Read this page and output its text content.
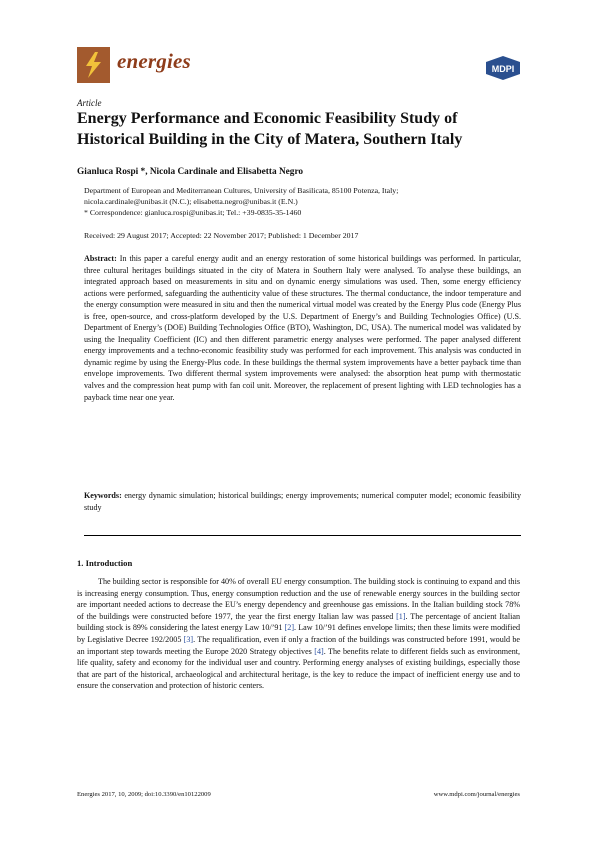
energies	MDPI
Article
Energy Performance and Economic Feasibility Study of Historical Building in the City of Matera, Southern Italy
Gianluca Rospi *, Nicola Cardinale and Elisabetta Negro
Department of European and Mediterranean Cultures, University of Basilicata, 85100 Potenza, Italy;
nicola.cardinale@unibas.it (N.C.); elisabetta.negro@unibas.it (E.N.)
* Correspondence: gianluca.rospi@unibas.it; Tel.: +39-0835-35-1460
Received: 29 August 2017; Accepted: 22 November 2017; Published: 1 December 2017
Abstract: In this paper a careful energy audit and an energy restoration of some historical buildings was performed. In particular, three cultural heritages buildings situated in the city of Matera in Southern Italy were analysed. To analyse these buildings, an integrated approach based on measurements in situ and on dynamic energy simulations was used. Then, some energy efficiency actions were performed, safeguarding the authenticity value of these structures. The thermal conductance, the indoor temperature and the energy consumption were measured in situ and then the numerical virtual model was created by the Energy Plus code (Energy Plus is free, open-source, and cross-platform developed by the U.S. Department of Energy’s and Building Technologies Office) (U.S. Department of Energy’s (DOE) Building Technologies Office (BTO), Washington, DC, USA). The numerical model was validated by using the Inequality Coefficient (IC) and then different parametric energy analyses were performed. The paper analysed different energy improvements and a techno-economic feasibility study was performed for each improvement. This analysis was conducted in dynamic regime by using the Energy-Plus code. In these buildings the thermal system improvements have a better payback time than envelope improvements. Two different thermal system improvements were analysed: the absorption heat pump with thermostatic valves and the compression heat pump with fan coil unit. Moreover, the replacement of present lighting with LED technologies has a payback time near one year.
Keywords: energy dynamic simulation; historical buildings; energy improvements; numerical computer model; economic feasibility study
1. Introduction
The building sector is responsible for 40% of overall EU energy consumption. The building stock is continuing to expand and this is increasing energy consumption. Thus, energy consumption reduction and the use of renewable energy sources in the building sector are important needed actions to decrease the EU’s energy dependency and greenhouse gas emissions. In the Italian building stock 78% of the buildings were constructed before 1977, the year the first energy Italian law was passed [1]. The percentage of ancient Italian building stock is 89% considering the latest energy Law 10/’91 [2]. Law 10/’91 defines envelope limits; then these limits were modified by Legislative Decree 192/2005 [3]. The requalification, even if only a fraction of the buildings was constructed before 1991, would be an important step towards meeting the Europe 2020 Strategy objectives [4]. The benefits relate to different fields such as environment, life quality, safety and economy for the individual user and country. Performing energy analyses of existing buildings, especially those that are part of the historical, archaeological and architectural heritage, is the key to reduce the impact of inefficient energy use and to ensure the conservation and protection of historic centers.
Energies 2017, 10, 2009; doi:10.3390/en10122009	www.mdpi.com/journal/energies
